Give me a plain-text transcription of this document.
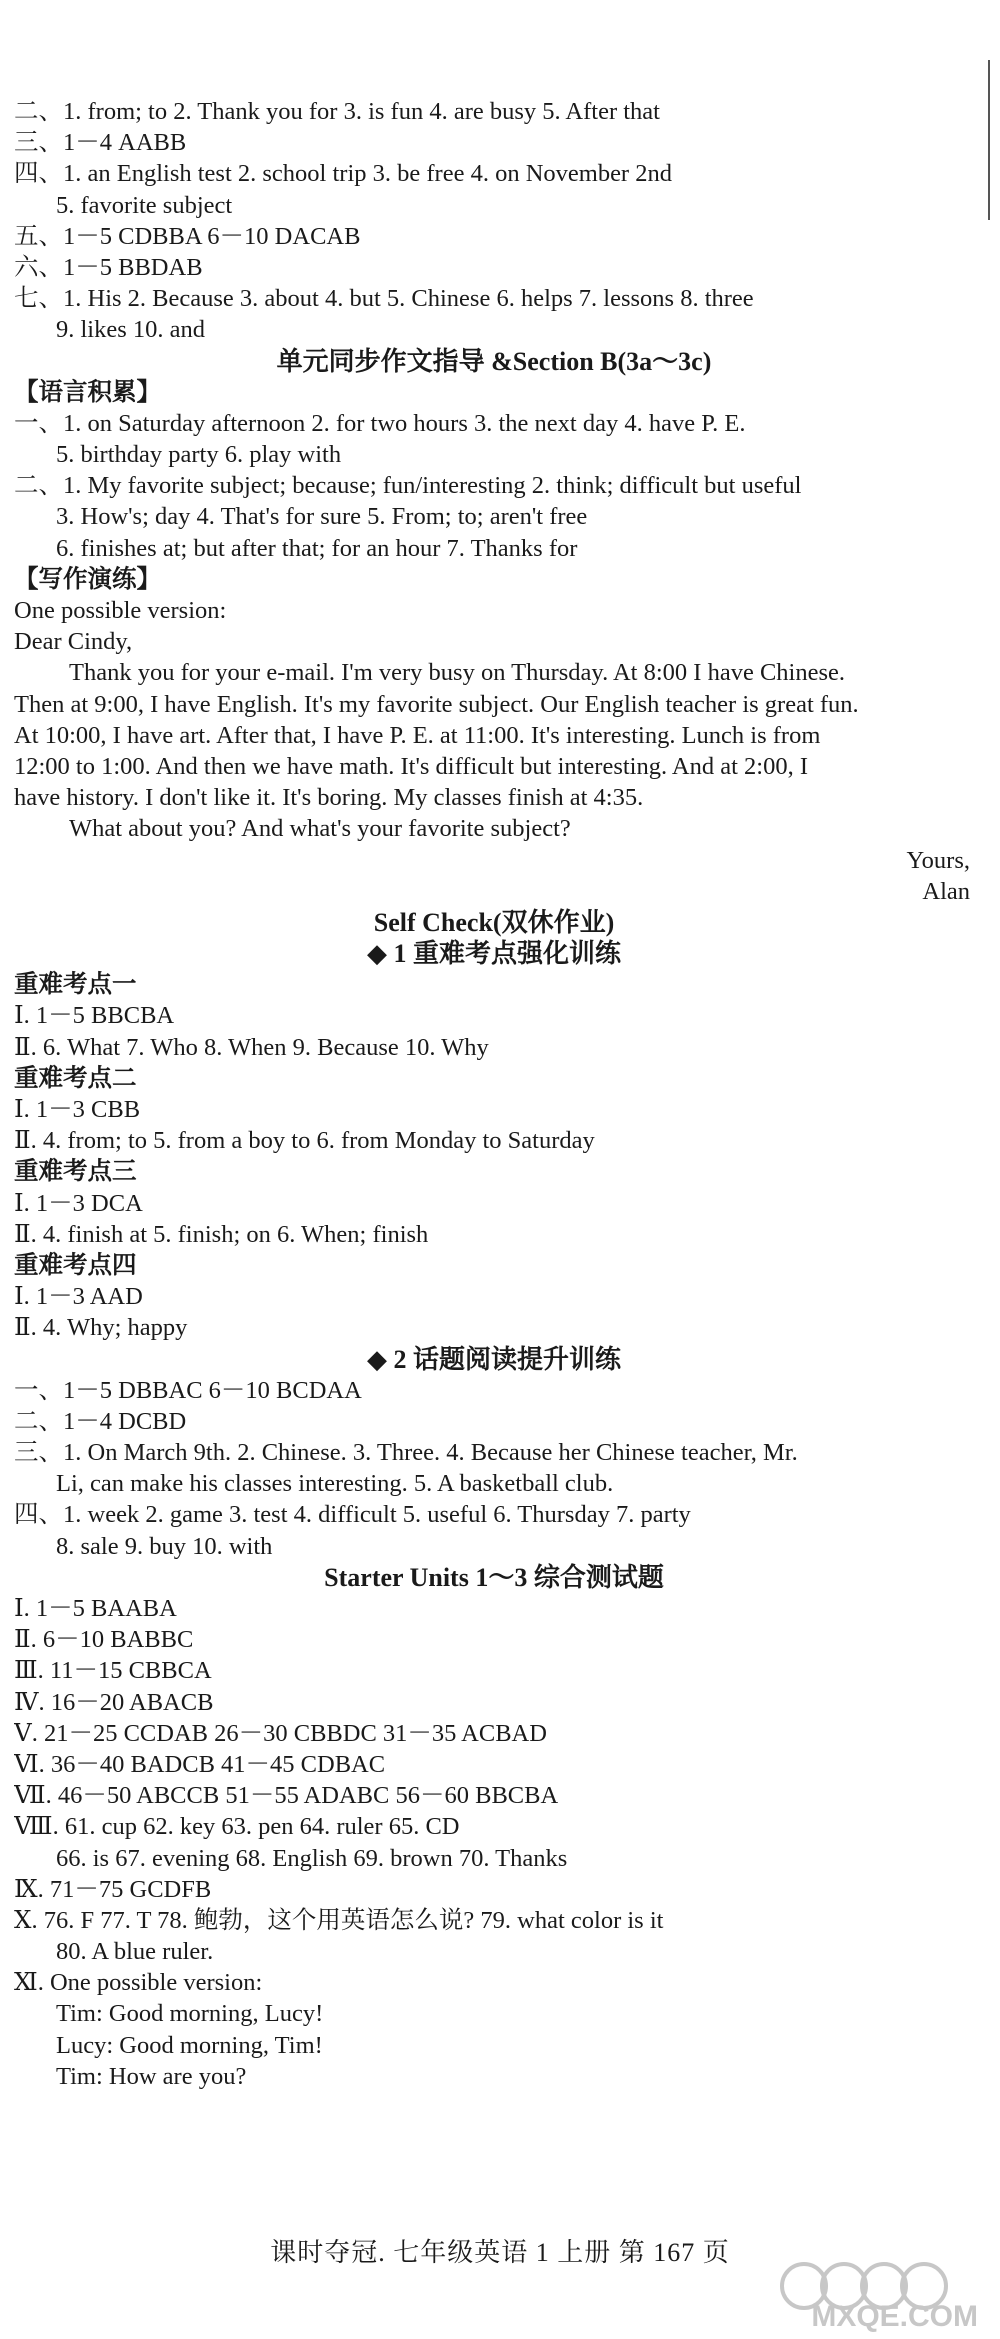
二、1. from; to 2. Thank you for 3. is fun 4. are busy 5. After that
三、1－4 AABB
四、1. an English test 2. school trip 3. be free 4. on November 2nd
5. favorite subject
五、1－5 CDBBA 6－10 DACAB
六、1－5 BBDAB
七、1. His 2. Because 3. about 4. but 5. Chinese 6. helps 7. lessons 8. three
9. likes 10. and
单元同步作文指导 &Section B(3a～3c)
【语言积累】
一、1. on Saturday afternoon 2. for two hours 3. the next day 4. have P. E.
5. birthday party 6. play with
二、1. My favorite subject; because; fun/interesting 2. think; difficult but useful
3. How's; day 4. That's for sure 5. From; to; aren't free
6. finishes at; but after that; for an hour 7. Thanks for
【写作演练】
One possible version:
Dear Cindy,
Thank you for your e-mail. I'm very busy on Thursday. At 8:00 I have Chinese.
Then at 9:00, I have English. It's my favorite subject. Our English teacher is great fun.
At 10:00, I have art. After that, I have P. E. at 11:00. It's interesting. Lunch is from
12:00 to 1:00. And then we have math. It's difficult but interesting. And at 2:00, I
have history. I don't like it. It's boring. My classes finish at 4:35.
What about you? And what's your favorite subject?
Yours,
Alan
Self Check(双休作业)
◆ 1 重难考点强化训练
重难考点一
Ⅰ. 1－5 BBCBA
Ⅱ. 6. What 7. Who 8. When 9. Because 10. Why
重难考点二
Ⅰ. 1－3 CBB
Ⅱ. 4. from; to 5. from a boy to 6. from Monday to Saturday
重难考点三
Ⅰ. 1－3 DCA
Ⅱ. 4. finish at 5. finish; on 6. When; finish
重难考点四
Ⅰ. 1－3 AAD
Ⅱ. 4. Why; happy
◆ 2 话题阅读提升训练
一、1－5 DBBAC 6－10 BCDAA
二、1－4 DCBD
三、1. On March 9th. 2. Chinese. 3. Three. 4. Because her Chinese teacher, Mr.
Li, can make his classes interesting. 5. A basketball club.
四、1. week 2. game 3. test 4. difficult 5. useful 6. Thursday 7. party
8. sale 9. buy 10. with
Starter Units 1～3 综合测试题
Ⅰ. 1－5 BAABA
Ⅱ. 6－10 BABBC
Ⅲ. 11－15 CBBCA
Ⅳ. 16－20 ABACB
Ⅴ. 21－25 CCDAB 26－30 CBBDC 31－35 ACBAD
Ⅵ. 36－40 BADCB 41－45 CDBAC
Ⅶ. 46－50 ABCCB 51－55 ADABC 56－60 BBCBA
Ⅷ. 61. cup 62. key 63. pen 64. ruler 65. CD
66. is 67. evening 68. English 69. brown 70. Thanks
Ⅸ. 71－75 GCDFB
Ⅹ. 76. F 77. T 78. 鲍勃，这个用英语怎么说? 79. what color is it
80. A blue ruler.
Ⅺ. One possible version:
Tim: Good morning, Lucy!
Lucy: Good morning, Tim!
Tim: How are you?
课时夺冠. 七年级英语 1 上册 第 167 页
MXQE.COM
